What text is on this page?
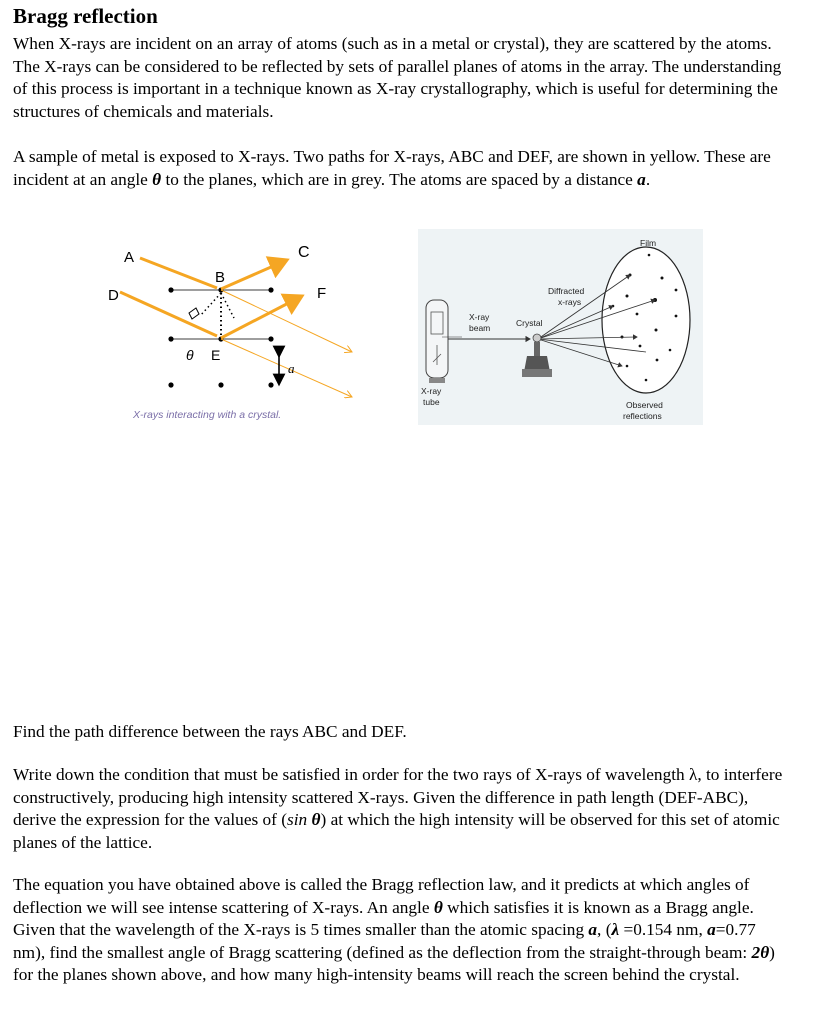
Bragg reflection

When X-rays are incident on an array of atoms (such as in a metal or crystal), they are scattered by the atoms. The X-rays can be considered to be reflected by sets of parallel planes of atoms in the array. The understanding of this process is important in a technique known as X-ray crystallography, which is useful for determining the structures of chemicals and materials.

A sample of metal is exposed to X-rays. Two paths for X-rays, ABC and DEF, are shown in yellow. These are incident at an angle θ to the planes, which are in grey. The atoms are spaced by a distance a.

A
B
C
D
E
F
θ
a
X-rays interacting with a crystal.
Film
Diffracted
x-rays
Crystal
X-ray
beam
X-ray
tube	Observed
reflections

Find the path difference between the rays ABC and DEF.

Write down the condition that must be satisfied in order for the two rays of X-rays of wavelength λ, to interfere constructively, producing high intensity scattered X-rays. Given the difference in path length (DEF-ABC), derive the expression for the values of (sin θ) at which the high intensity will be observed for this set of atomic planes of the lattice.

The equation you have obtained above is called the Bragg reflection law, and it predicts at which angles of deflection we will see intense scattering of X-rays. An angle θ which satisfies it is known as a Bragg angle. Given that the wavelength of the X-rays is 5 times smaller than the atomic spacing a, (λ =0.154 nm, a=0.77 nm), find the smallest angle of Bragg scattering (defined as the deflection from the straight-through beam: 2θ) for the planes shown above, and how many high-intensity beams will reach the screen behind the crystal.
